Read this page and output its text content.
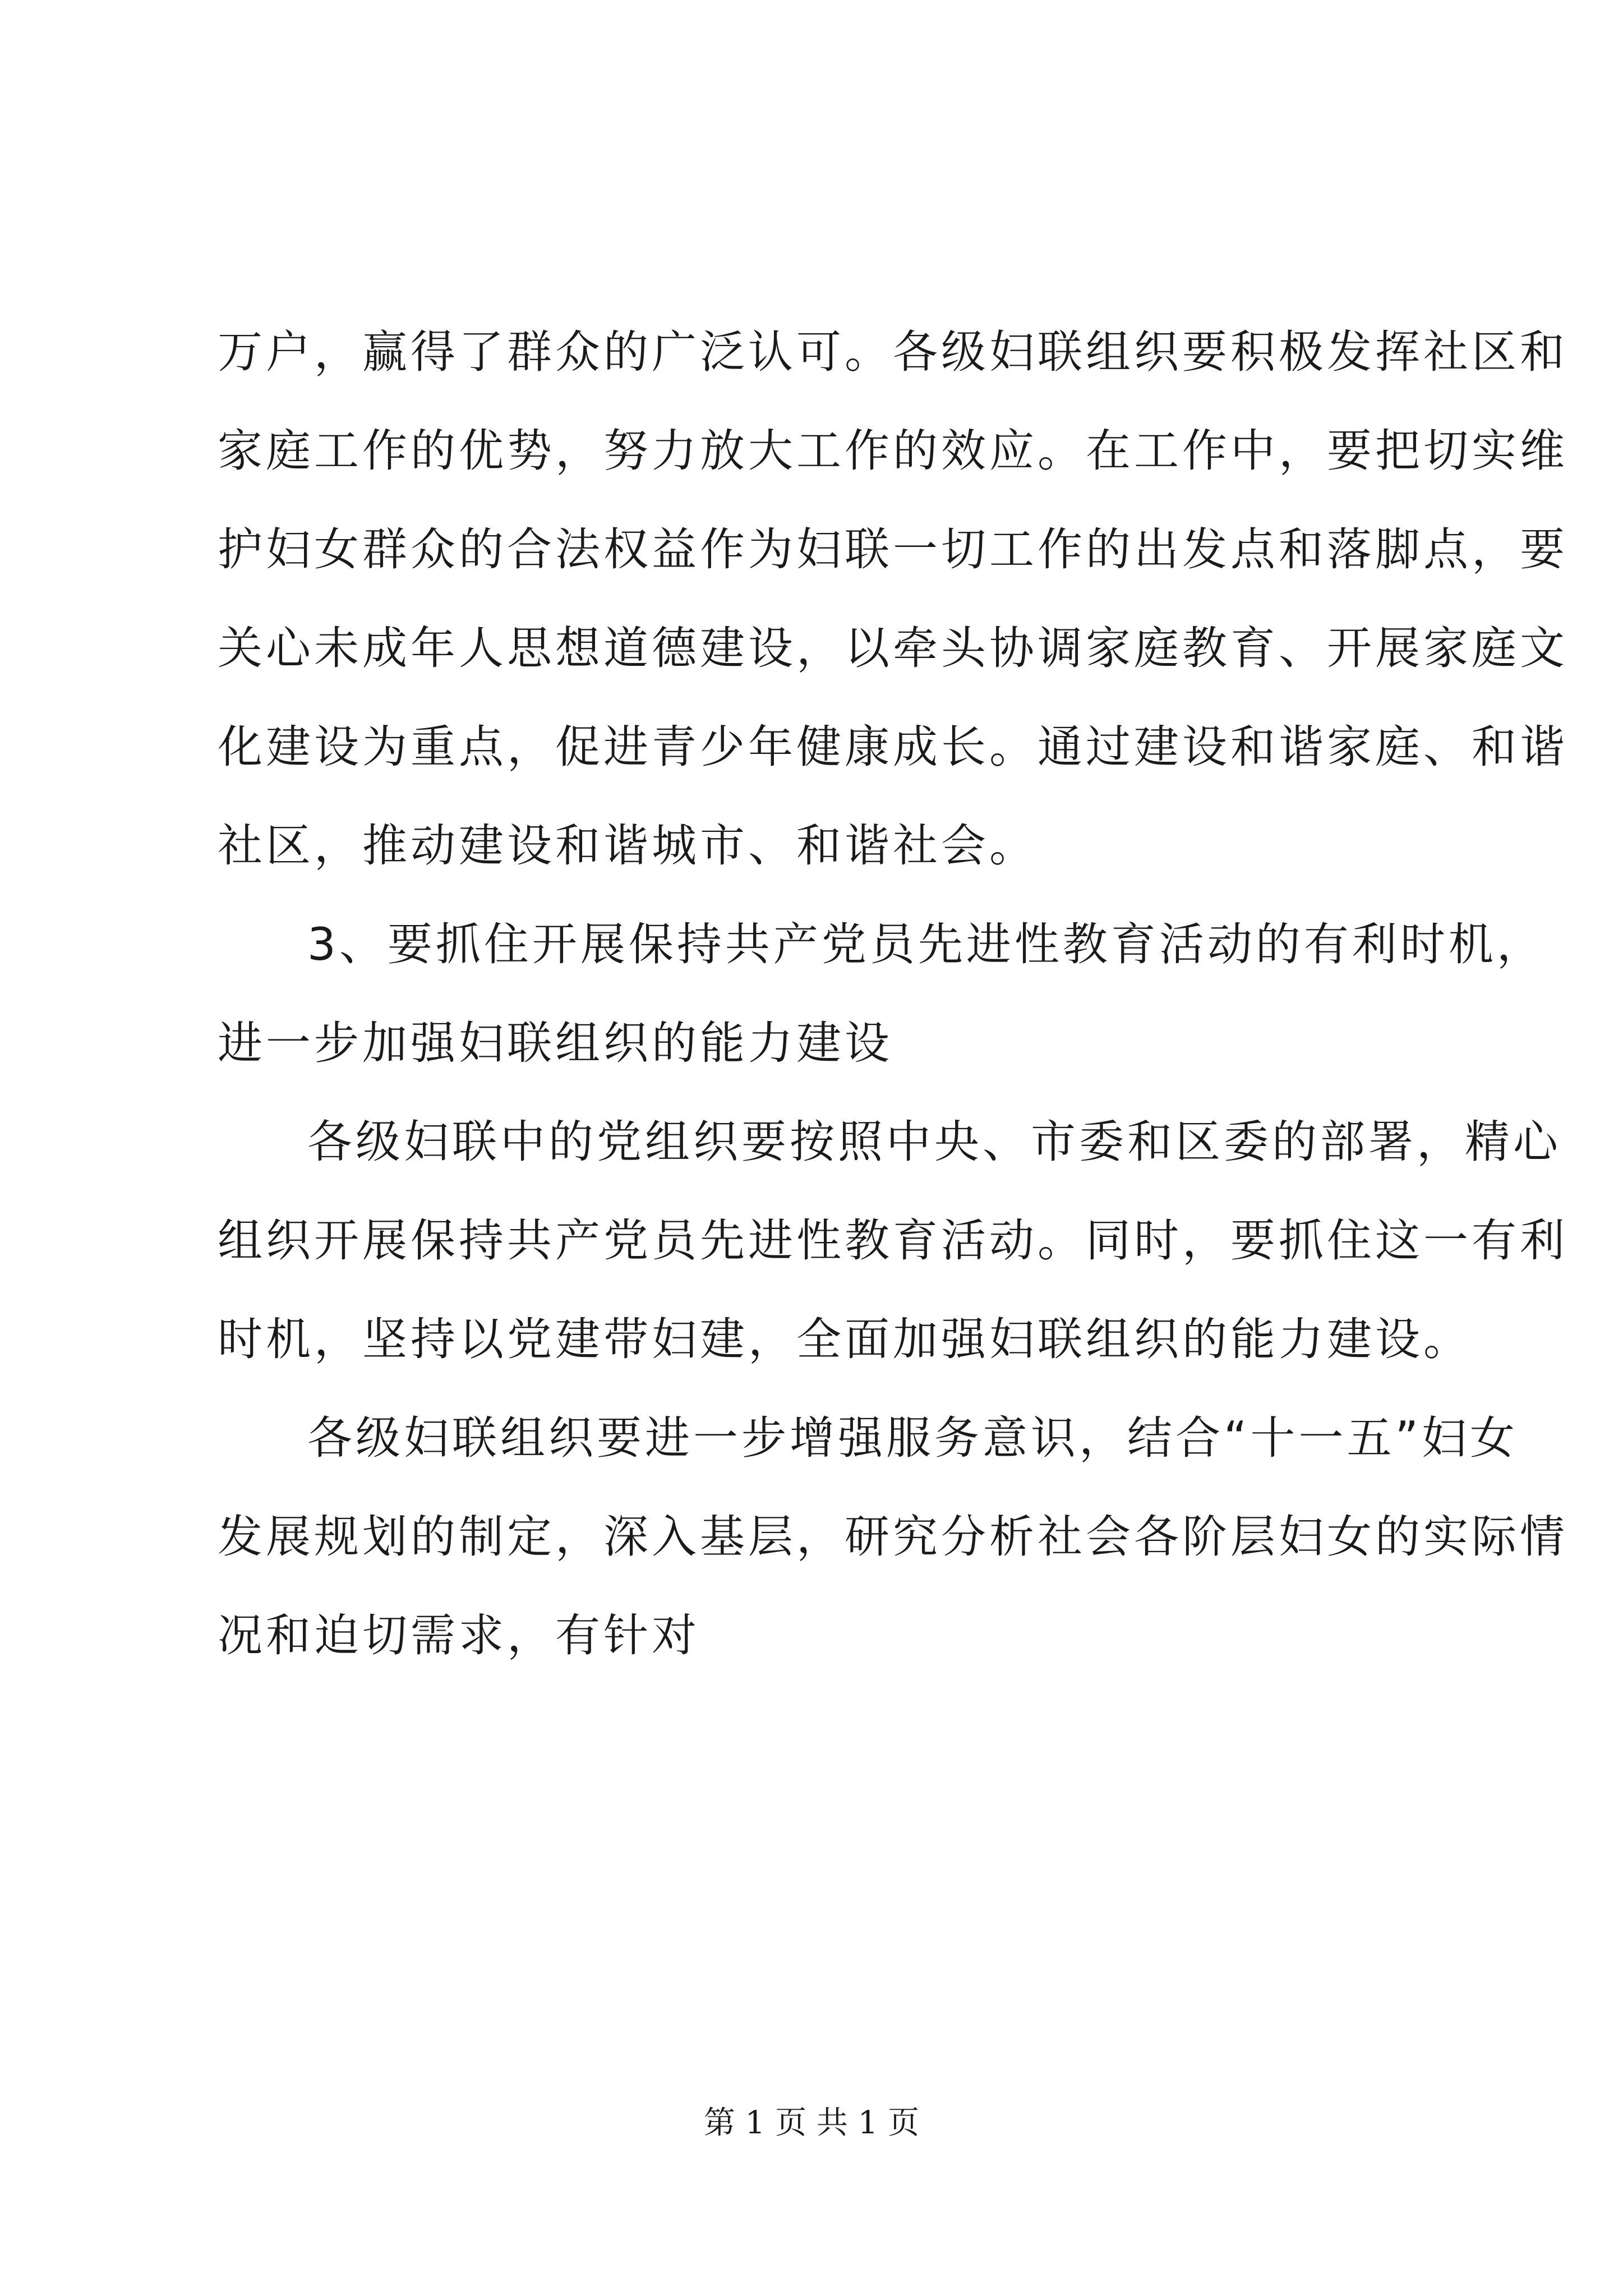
万户，赢得了群众的广泛认可。各级妇联组织要积极发挥社区和
家庭工作的优势，努力放大工作的效应。在工作中，要把切实维
护妇女群众的合法权益作为妇联一切工作的出发点和落脚点，要
关心未成年人思想道德建设，以牵头协调家庭教育、开展家庭文
化建设为重点，促进青少年健康成长。通过建设和谐家庭、和谐
社区，推动建设和谐城市、和谐社会。
3、要抓住开展保持共产党员先进性教育活动的有利时机，
进一步加强妇联组织的能力建设
各级妇联中的党组织要按照中央、市委和区委的部署，精心
组织开展保持共产党员先进性教育活动。同时，要抓住这一有利
时机，坚持以党建带妇建，全面加强妇联组织的能力建设。
各级妇联组织要进一步增强服务意识，结合“十一五”妇女
发展规划的制定，深入基层，研究分析社会各阶层妇女的实际情
况和迫切需求，有针对
第 1 页 共 1 页
